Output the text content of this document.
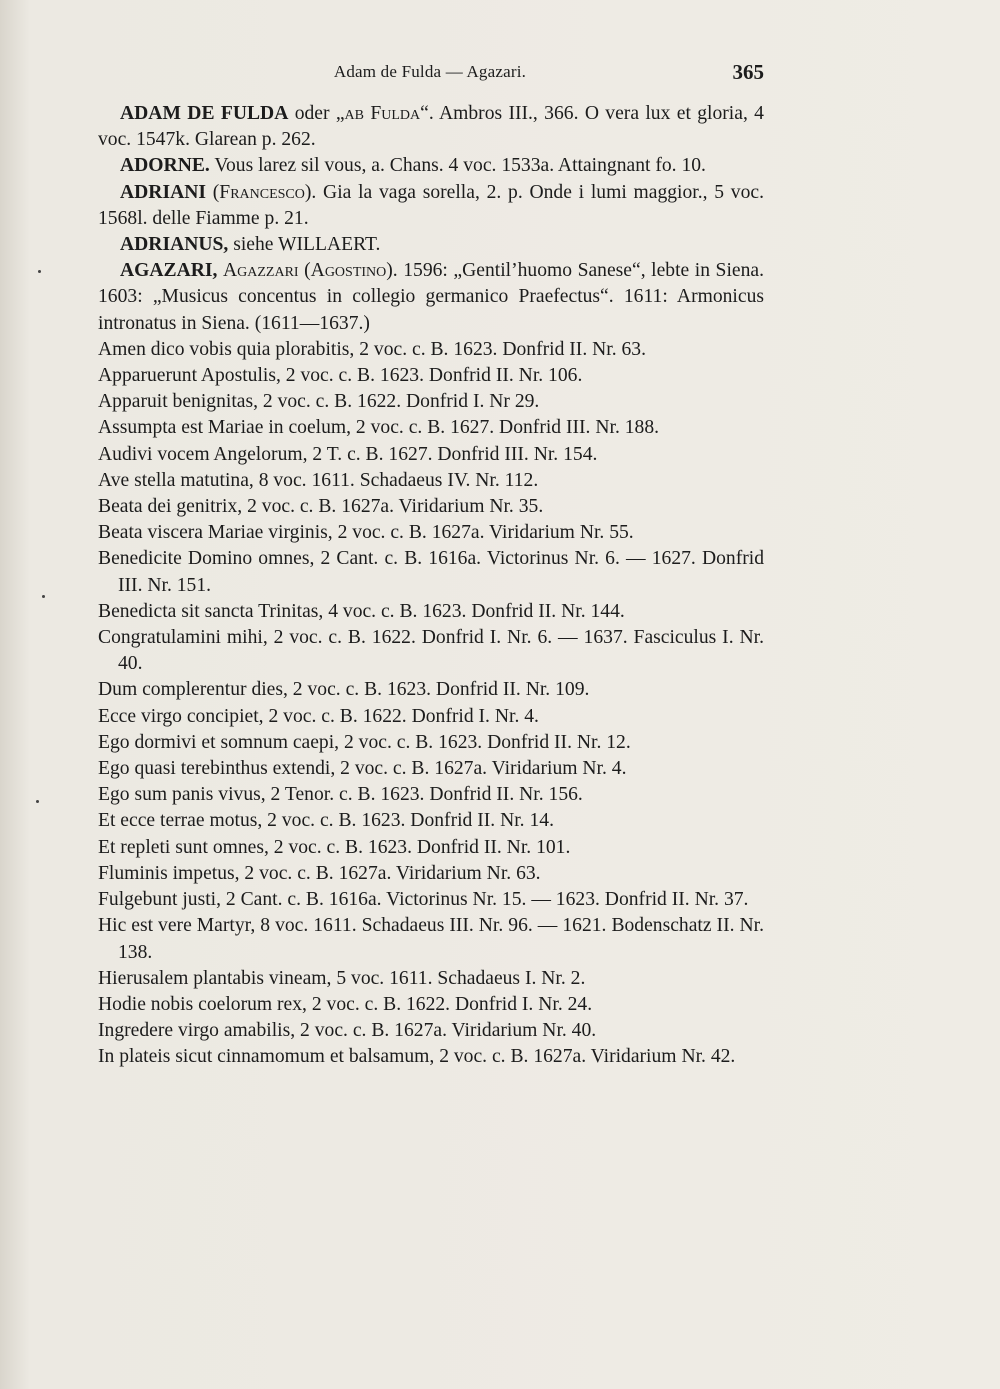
Adam de Fulda — Agazari.	365

ADAM DE FULDA oder „ab Fulda“. Ambros III., 366. O vera lux et gloria, 4 voc. 1547k. Glarean p. 262.

ADORNE. Vous larez sil vous, a. Chans. 4 voc. 1533a. Attaingnant fo. 10.

ADRIANI (Francesco). Gia la vaga sorella, 2. p. Onde i lumi maggior., 5 voc. 1568l. delle Fiamme p. 21.

ADRIANUS, siehe WILLAERT.

AGAZARI, Agazzari (Agostino). 1596: „Gentil’huomo Sanese“, lebte in Siena. 1603: „Musicus concentus in collegio germanico Praefectus“. 1611: Armonicus intronatus in Siena. (1611—1637.)

Amen dico vobis quia plorabitis, 2 voc. c. B. 1623. Donfrid II. Nr. 63.

Apparuerunt Apostulis, 2 voc. c. B. 1623. Donfrid II. Nr. 106.

Apparuit benignitas, 2 voc. c. B. 1622. Donfrid I. Nr 29.

Assumpta est Mariae in coelum, 2 voc. c. B. 1627. Donfrid III. Nr. 188.

Audivi vocem Angelorum, 2 T. c. B. 1627. Donfrid III. Nr. 154.

Ave stella matutina, 8 voc. 1611. Schadaeus IV. Nr. 112.

Beata dei genitrix, 2 voc. c. B. 1627a. Viridarium Nr. 35.

Beata viscera Mariae virginis, 2 voc. c. B. 1627a. Viridarium Nr. 55.

Benedicite Domino omnes, 2 Cant. c. B. 1616a. Victorinus Nr. 6. — 1627. Donfrid III. Nr. 151.

Benedicta sit sancta Trinitas, 4 voc. c. B. 1623. Donfrid II. Nr. 144.

Congratulamini mihi, 2 voc. c. B. 1622. Donfrid I. Nr. 6. — 1637. Fasciculus I. Nr. 40.

Dum complerentur dies, 2 voc. c. B. 1623. Donfrid II. Nr. 109.

Ecce virgo concipiet, 2 voc. c. B. 1622. Donfrid I. Nr. 4.

Ego dormivi et somnum caepi, 2 voc. c. B. 1623. Donfrid II. Nr. 12.

Ego quasi terebinthus extendi, 2 voc. c. B. 1627a. Viridarium Nr. 4.

Ego sum panis vivus, 2 Tenor. c. B. 1623. Donfrid II. Nr. 156.

Et ecce terrae motus, 2 voc. c. B. 1623. Donfrid II. Nr. 14.

Et repleti sunt omnes, 2 voc. c. B. 1623. Donfrid II. Nr. 101.

Fluminis impetus, 2 voc. c. B. 1627a. Viridarium Nr. 63.

Fulgebunt justi, 2 Cant. c. B. 1616a. Victorinus Nr. 15. — 1623. Donfrid II. Nr. 37.

Hic est vere Martyr, 8 voc. 1611. Schadaeus III. Nr. 96. — 1621. Bodenschatz II. Nr. 138.

Hierusalem plantabis vineam, 5 voc. 1611. Schadaeus I. Nr. 2.

Hodie nobis coelorum rex, 2 voc. c. B. 1622. Donfrid I. Nr. 24.

Ingredere virgo amabilis, 2 voc. c. B. 1627a. Viridarium Nr. 40.

In plateis sicut cinnamomum et balsamum, 2 voc. c. B. 1627a. Viridarium Nr. 42.
